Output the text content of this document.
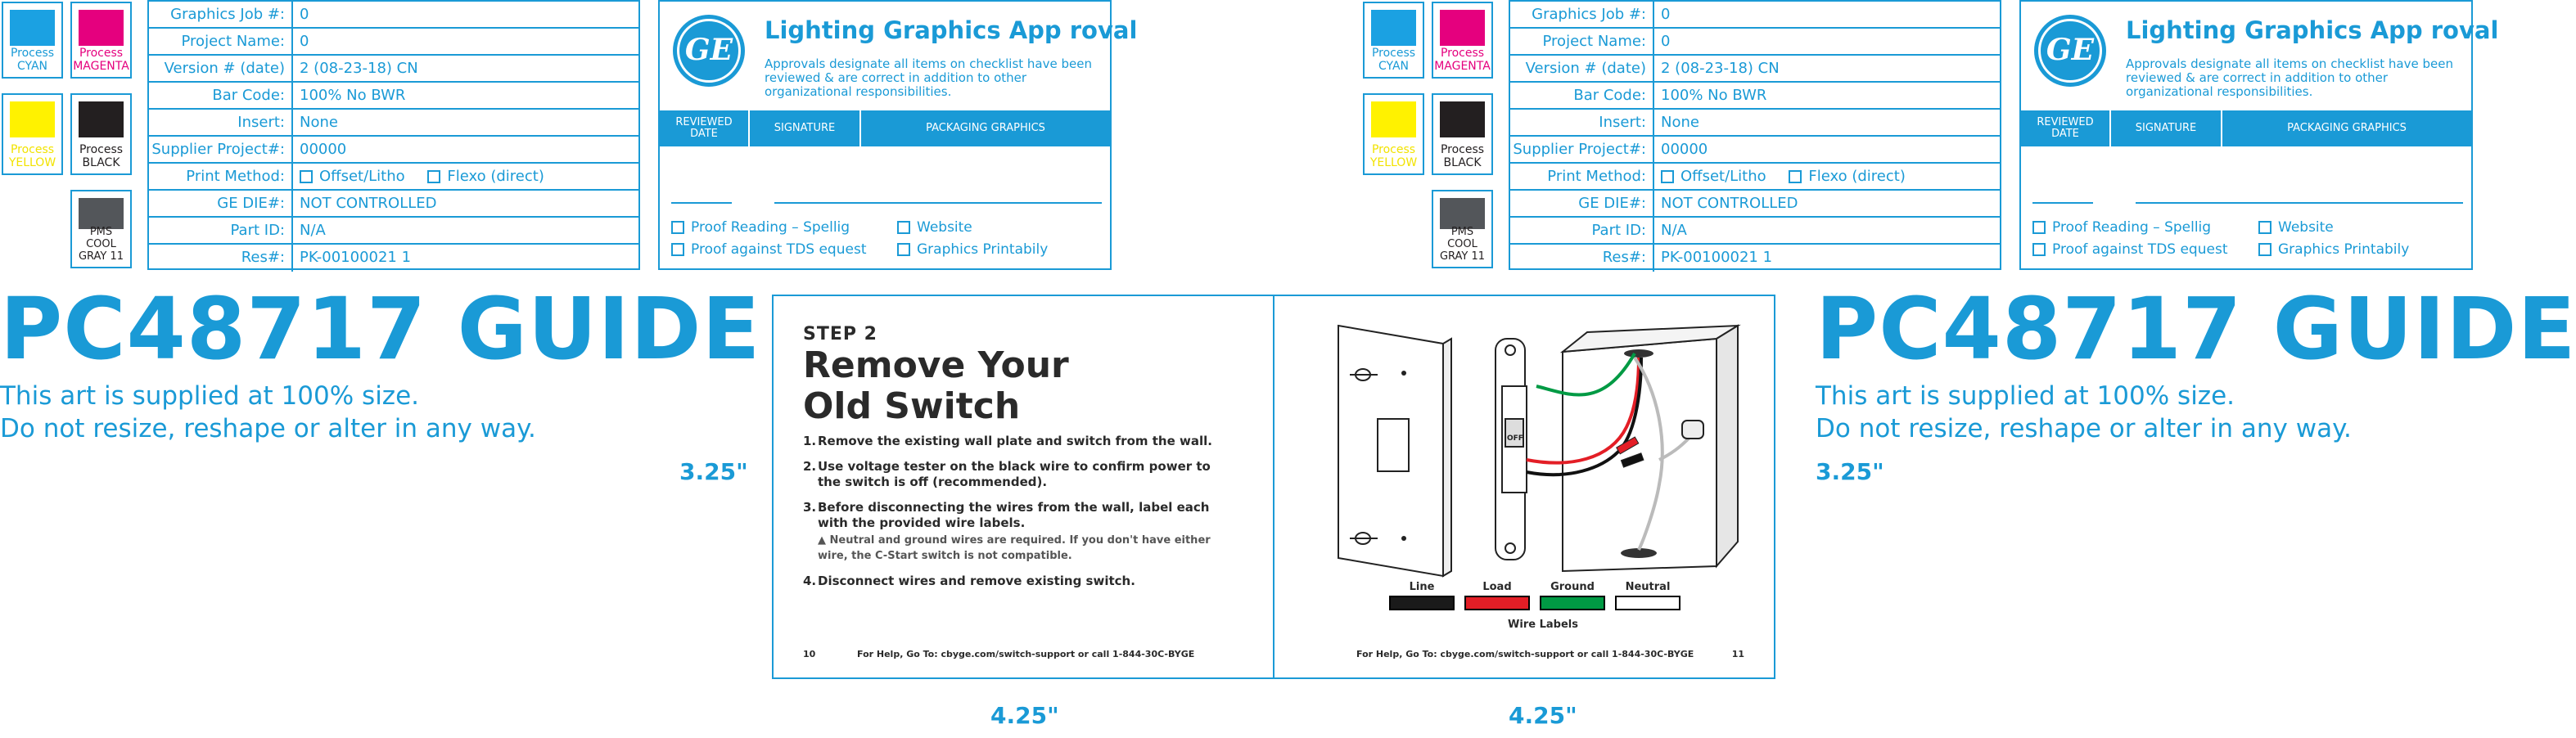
Process
CYAN
Process
MAGENTA
Process
YELLOW
Process
BLACK
PMS
COOL
GRAY 11
Graphics Job #:	0
Project Name:	0
Version # (date)	2 (08-23-18) CN
Bar Code:	100% No BWR
Insert:	None
Supplier Project#:	00000
Print Method:	Offset/Litho	Flexo (direct)
GE DIE#:	NOT CONTROLLED
Part ID:	N/A
Res#:	PK-00100021 1
GE
Lighting Graphics App roval
Approvals designate all items on checklist have been reviewed & are correct in addition to other organizational responsibilities.
REVIEWED
DATE	SIGNATURE	PACKAGING GRAPHICS
Proof Reading – Spellig	Website
Proof against TDS equest	Graphics Printabily
Process
CYAN
Process
MAGENTA
Process
YELLOW
Process
BLACK
PMS
COOL
GRAY 11
Graphics Job #:	0
Project Name:	0
Version # (date)	2 (08-23-18) CN
Bar Code:	100% No BWR
Insert:	None
Supplier Project#:	00000
Print Method:	Offset/Litho	Flexo (direct)
GE DIE#:	NOT CONTROLLED
Part ID:	N/A
Res#:	PK-00100021 1
GE
Lighting Graphics App roval
Approvals designate all items on checklist have been reviewed & are correct in addition to other organizational responsibilities.
REVIEWED
DATE	SIGNATURE	PACKAGING GRAPHICS
Proof Reading – Spellig	Website
Proof against TDS equest	Graphics Printabily
PC48717 GUIDE
This art is supplied at 100% size.
Do not resize, reshape or alter in any way.
3.25"
PC48717 GUIDE
This art is supplied at 100% size.
Do not resize, reshape or alter in any way.
3.25"
4.25"	4.25"
STEP 2
Remove Your
Old Switch
1. Remove the existing wall plate and switch from the wall.
2. Use voltage tester on the black wire to confirm power to the switch is off (recommended).
3. Before disconnecting the wires from the wall, label each with the provided wire labels.
▲ Neutral and ground wires are required. If you don't have either wire, the C-Start switch is not compatible.
4. Disconnect wires and remove existing switch.
10	For Help, Go To: cbyge.com/switch-support or call 1-844-30C-BYGE
OFF
Line	Load	Ground	Neutral
Wire Labels
For Help, Go To: cbyge.com/switch-support or call 1-844-30C-BYGE	11
